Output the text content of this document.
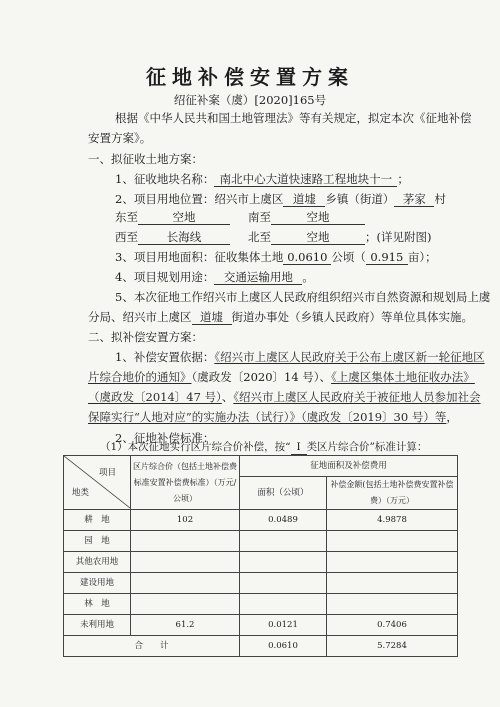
征地补偿安置方案
绍征补案（虞）[2020]165号
根据《中华人民共和国土地管理法》等有关规定，拟定本次《征地补偿
安置方案》。
一、拟征收土地方案：
1、征收地块名称： 南北中心大道快速路工程地块十一 ；
2、项目用地位置：绍兴市上虞区 道墟 乡镇（街道） 茅家 村
东至	空地	南至	空地
西至	长海线	北至	空地	；(详见附图)
3、项目用地面积：征收集体土地 0.0610 公顷（ 0.915 亩）；
4、项目规划用途： 交通运输用地 。
5、本次征地工作绍兴市上虞区人民政府组织绍兴市自然资源和规划局上虞
分局、绍兴市上虞区 道墟 街道办事处（乡镇人民政府）等单位具体实施。
二、拟补偿安置方案：
1、补偿安置依据：《绍兴市上虞区人民政府关于公布上虞区新一轮征地区
片综合地价的通知》（虞政发〔2020〕14 号）、《上虞区集体土地征收办法》
（虞政发〔2014〕47 号）、《绍兴市上虞区人民政府关于被征地人员参加社会
保障实行“人地对应”的实施办法（试行）》（虞政发〔2019〕30 号）等，
项目
地类	区片综合价（包括土地补偿费标准安置补偿费标准）（万元/公顷）	征地面积及补偿费用	
		面积（公顷）	补偿金额(包括土地补偿费安置补偿费）（万元）
耕　地	102	0.0489	4.9878
园　地			
其他农用地			
建设用地			
林　地			
未利用地	61.2	0.0121	0.7406
合　　计		0.0610	5.7284
2、征地补偿标准：
（1）本次征地实行区片综合价补偿，按“ I 类区片综合价”标准计算：
